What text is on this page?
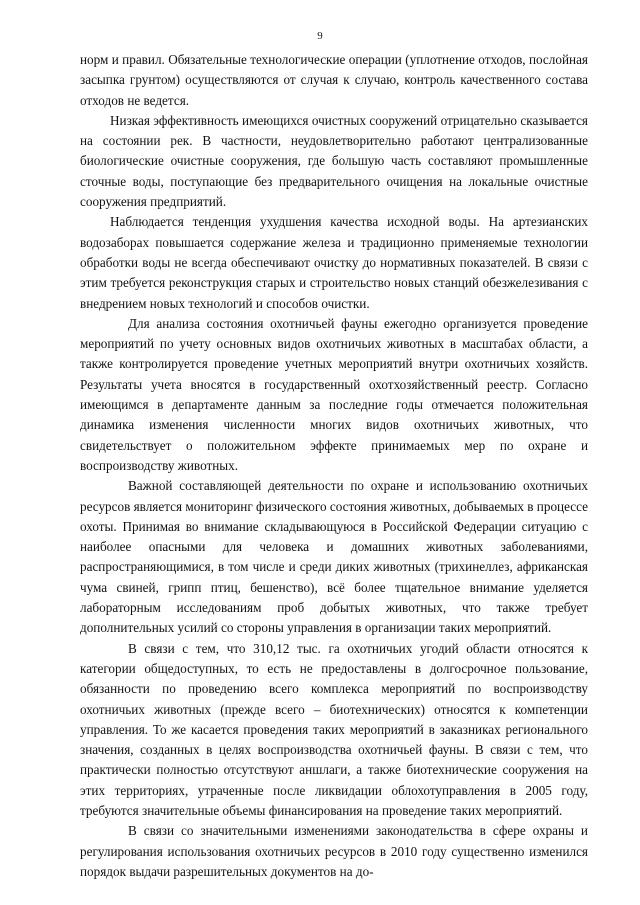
9

норм и правил. Обязательные технологические операции (уплотнение отходов, послойная засыпка грунтом) осуществляются от случая к случаю, контроль качественного состава отходов не ведется.

Низкая эффективность имеющихся очистных сооружений отрицательно сказывается на состоянии рек. В частности, неудовлетворительно работают централизованные биологические очистные сооружения, где большую часть составляют промышленные сточные воды, поступающие без предварительного очищения на локальные очистные сооружения предприятий.

Наблюдается тенденция ухудшения качества исходной воды. На артезианских водозаборах повышается содержание железа и традиционно применяемые технологии обработки воды не всегда обеспечивают очистку до нормативных показателей. В связи с этим требуется реконструкция старых и строительство новых станций обезжелезивания с внедрением новых технологий и способов очистки.

Для анализа состояния охотничьей фауны ежегодно организуется проведение мероприятий по учету основных видов охотничьих животных в масштабах области, а также контролируется проведение учетных мероприятий внутри охотничьих хозяйств. Результаты учета вносятся в государственный охотхозяйственный реестр. Согласно имеющимся в департаменте данным за последние годы отмечается положительная динамика изменения численности многих видов охотничьих животных, что свидетельствует о положительном эффекте принимаемых мер по охране и воспроизводству животных.

Важной составляющей деятельности по охране и использованию охотничьих ресурсов является мониторинг физического состояния животных, добываемых в процессе охоты. Принимая во внимание складывающуюся в Российской Федерации ситуацию с наиболее опасными для человека и домашних животных заболеваниями, распространяющимися, в том числе и среди диких животных (трихинеллез, африканская чума свиней, грипп птиц, бешенство), всё более тщательное внимание уделяется лабораторным исследованиям проб добытых животных, что также требует дополнительных усилий со стороны управления в организации таких мероприятий.

В связи с тем, что 310,12 тыс. га охотничьих угодий области относятся к категории общедоступных, то есть не предоставлены в долгосрочное пользование, обязанности по проведению всего комплекса мероприятий по воспроизводству охотничьих животных (прежде всего – биотехнических) относятся к компетенции управления. То же касается проведения таких мероприятий в заказниках регионального значения, созданных в целях воспроизводства охотничьей фауны. В связи с тем, что практически полностью отсутствуют аншлаги, а также биотехнические сооружения на этих территориях, утраченные после ликвидации облохотуправления в 2005 году, требуются значительные объемы финансирования на проведение таких мероприятий.

В связи со значительными изменениями законодательства в сфере охраны и регулирования использования охотничьих ресурсов в 2010 году существенно изменился порядок выдачи разрешительных документов на до-
